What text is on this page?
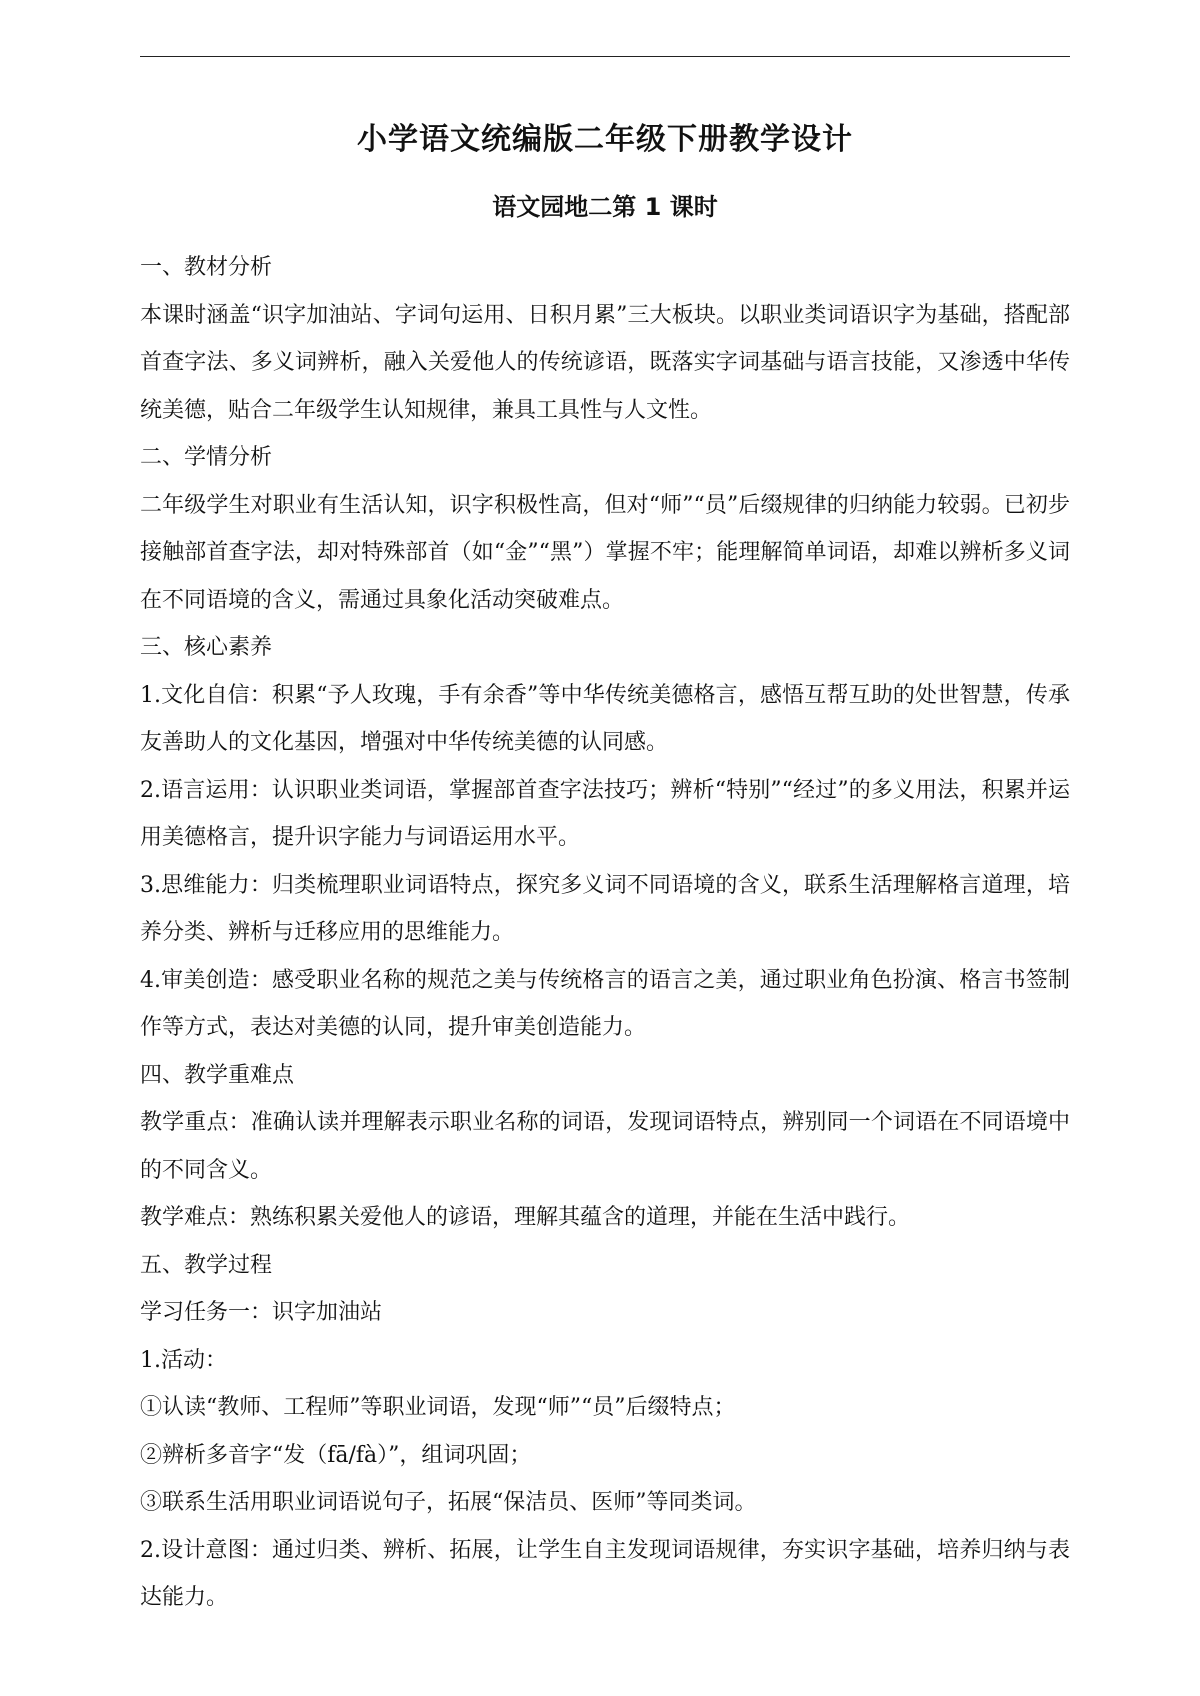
小学语文统编版二年级下册教学设计
语文园地二第 1 课时

一、教材分析

本课时涵盖“识字加油站、字词句运用、日积月累”三大板块。以职业类词语识字为基础，搭配部首查字法、多义词辨析，融入关爱他人的传统谚语，既落实字词基础与语言技能，又渗透中华传统美德，贴合二年级学生认知规律，兼具工具性与人文性。

二、学情分析

二年级学生对职业有生活认知，识字积极性高，但对“师”“员”后缀规律的归纳能力较弱。已初步接触部首查字法，却对特殊部首（如“金”“黑”）掌握不牢；能理解简单词语，却难以辨析多义词在不同语境的含义，需通过具象化活动突破难点。

三、核心素养

1.文化自信：积累“予人玫瑰，手有余香”等中华传统美德格言，感悟互帮互助的处世智慧，传承友善助人的文化基因，增强对中华传统美德的认同感。

2.语言运用：认识职业类词语，掌握部首查字法技巧；辨析“特别”“经过”的多义用法，积累并运用美德格言，提升识字能力与词语运用水平。

3.思维能力：归类梳理职业词语特点，探究多义词不同语境的含义，联系生活理解格言道理，培养分类、辨析与迁移应用的思维能力。

4.审美创造：感受职业名称的规范之美与传统格言的语言之美，通过职业角色扮演、格言书签制作等方式，表达对美德的认同，提升审美创造能力。

四、教学重难点

教学重点：准确认读并理解表示职业名称的词语，发现词语特点，辨别同一个词语在不同语境中的不同含义。

教学难点：熟练积累关爱他人的谚语，理解其蕴含的道理，并能在生活中践行。

五、教学过程

学习任务一：识字加油站

1.活动：

①认读“教师、工程师”等职业词语，发现“师”“员”后缀特点；

②辨析多音字“发（fā/fà）”，组词巩固；

③联系生活用职业词语说句子，拓展“保洁员、医师”等同类词。

2.设计意图：通过归类、辨析、拓展，让学生自主发现词语规律，夯实识字基础，培养归纳与表达能力。
